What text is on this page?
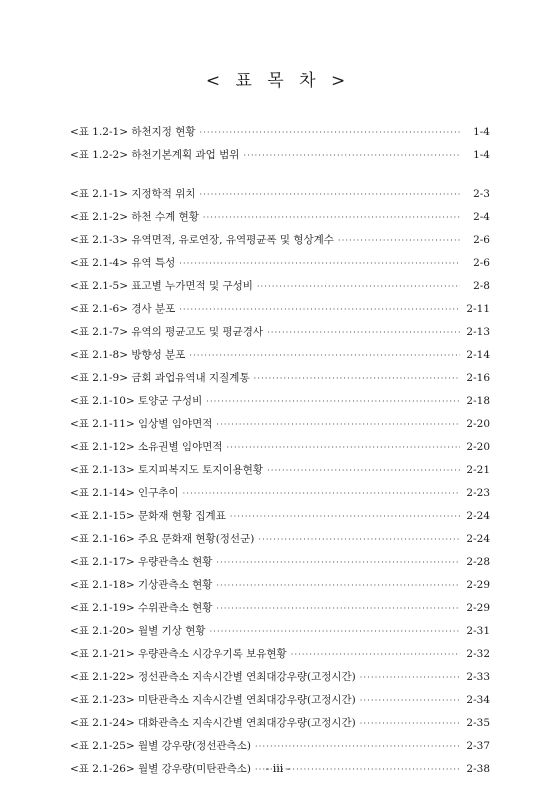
< 표 목 차 >
<표 1.2-1> 하천지정 현황 ·····	1-4
<표 1.2-2> 하천기본계획 과업 범위 ·····	1-4
<표 2.1-1> 지정학적 위치 ·····	2-3
<표 2.1-2> 하천 수계 현황 ·····	2-4
<표 2.1-3> 유역면적, 유로연장, 유역평균폭 및 형상계수 ·····	2-6
<표 2.1-4> 유역 특성 ·····	2-6
<표 2.1-5> 표고별 누가면적 및 구성비 ·····	2-8
<표 2.1-6> 경사 분포 ·····	2-11
<표 2.1-7> 유역의 평균고도 및 평균경사 ·····	2-13
<표 2.1-8> 방향성 분포 ·····	2-14
<표 2.1-9> 금회 과업유역내 지질계통 ·····	2-16
<표 2.1-10> 토양군 구성비 ·····	2-18
<표 2.1-11> 임상별 임야면적 ·····	2-20
<표 2.1-12> 소유권별 임야면적 ·····	2-20
<표 2.1-13> 토지피복지도 토지이용현황 ·····	2-21
<표 2.1-14> 인구추이 ·····	2-23
<표 2.1-15> 문화재 현황 집계표 ·····	2-24
<표 2.1-16> 주요 문화재 현황(정선군) ·····	2-24
<표 2.1-17> 우량관측소 현황 ·····	2-28
<표 2.1-18> 기상관측소 현황 ·····	2-29
<표 2.1-19> 수위관측소 현황 ·····	2-29
<표 2.1-20> 월별 기상 현황 ·····	2-31
<표 2.1-21> 우량관측소 시강우기록 보유현황 ·····	2-32
<표 2.1-22> 정선관측소 지속시간별 연최대강우량(고정시간) ·····	2-33
<표 2.1-23> 미탄관측소 지속시간별 연최대강우량(고정시간) ·····	2-34
<표 2.1-24> 대화관측소 지속시간별 연최대강우량(고정시간) ·····	2-35
<표 2.1-25> 월별 강우량(정선관측소) ·····	2-37
<표 2.1-26> 월별 강우량(미탄관측소) ·····	2-38
- iii -
